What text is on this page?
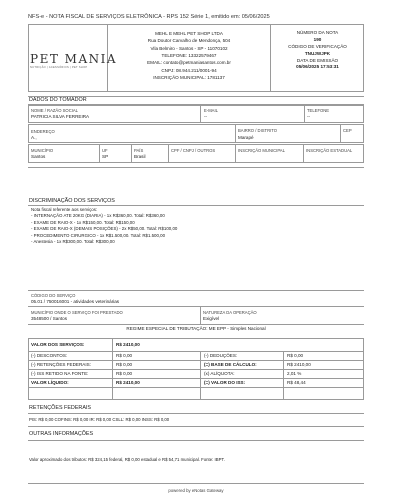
NFS-e - NOTA FISCAL DE SERVIÇOS ELETRÔNICA - RPS 152 Série 1, emitido em: 05/06/2025
PET MANIA
NUTRIÇÃO | ACESSÓRIOS | PET SHOP
MEHL E MEHL PET SHOP LTDA
Rua Doutor Carvalho de Mendonça, 504
Vila Belmiro - Santos - SP - 11070102
TELEFONE: 13322579467
EMAIL: contato@petmaniasantos.com.br
CNPJ: 08.944.211/0001-94
INSCRIÇÃO MUNICIPAL: 1781137
NÚMERO DA NOTA
190
CÓDIGO DE VERIFICAÇÃO
TNUJWJPK
DATA DE EMISSÃO
05/06/2025 17:53:31
DADOS DO TOMADOR
NOME / RAZÃO SOCIAL
PATRICIA SILVA FERREIRA
E-MAIL
--
TELEFONE
--
ENDEREÇO
A.,
BAIRRO / DISTRITO
Marapé
CEP
MUNICÍPIO
Santos
UF
SP
PAÍS
Brasil
CPF / CNPJ / OUTROS	INSCRIÇÃO MUNICIPAL	INSCRIÇÃO ESTADUAL
DISCRIMINAÇÃO DOS SERVIÇOS
Nota fiscal referente aos serviços:
- INTERNAÇÃO ATE 20KG (DIARIA) - 1x R$360,00. Total: R$360,00
- EXAME DE RAIO-X - 1x R$150,00. Total: R$150,00
- EXAME DE RAIO-X (DEMAIS POSIÇÕES) - 2x R$50,00. Total: R$100,00
- PROCEDIMENTO CIRURGICO - 1x R$1.500,00. Total: R$1.500,00
- Anestesia - 1x R$300,00. Total: R$300,00
CÓDIGO DO SERVIÇO
05.01 / 750016001 - atividades veterinárias
MUNICÍPIO ONDE O SERVIÇO FOI PRESTADO
3548500 / Santos
NATUREZA DA OPERAÇÃO
Exigível
REGIME ESPECIAL DE TRIBUTAÇÃO: ME EPP - Simples Nacional
VALOR DOS SERVIÇOS:	R$ 2410,00
(-) DESCONTOS:	R$ 0,00	(-) DEDUÇÕES:	R$ 0,00
(-) RETENÇÕES FEDERAIS:	R$ 0,00	(=) BASE DE CÁLCULO:	R$ 2410,00
(-) ISS RETIDO NA FONTE:	R$ 0,00	(x) ALÍQUOTA:	2,01 %
VALOR LÍQUIDO:	R$ 2410,00	(=) VALOR DO ISS:	R$ 48,44
RETENÇÕES FEDERAIS
PIS: R$ 0,00 COFINS: R$ 0,00 IR: R$ 0,00 CSLL: R$ 0,00 INSS: R$ 0,00
OUTRAS INFORMAÇÕES
Valor aproximado dos tributos: R$ 324,15 federal, R$ 0,00 estadual e R$ 54,71 municipal. Fonte: IBPT.
powered by eNotas Gateway
